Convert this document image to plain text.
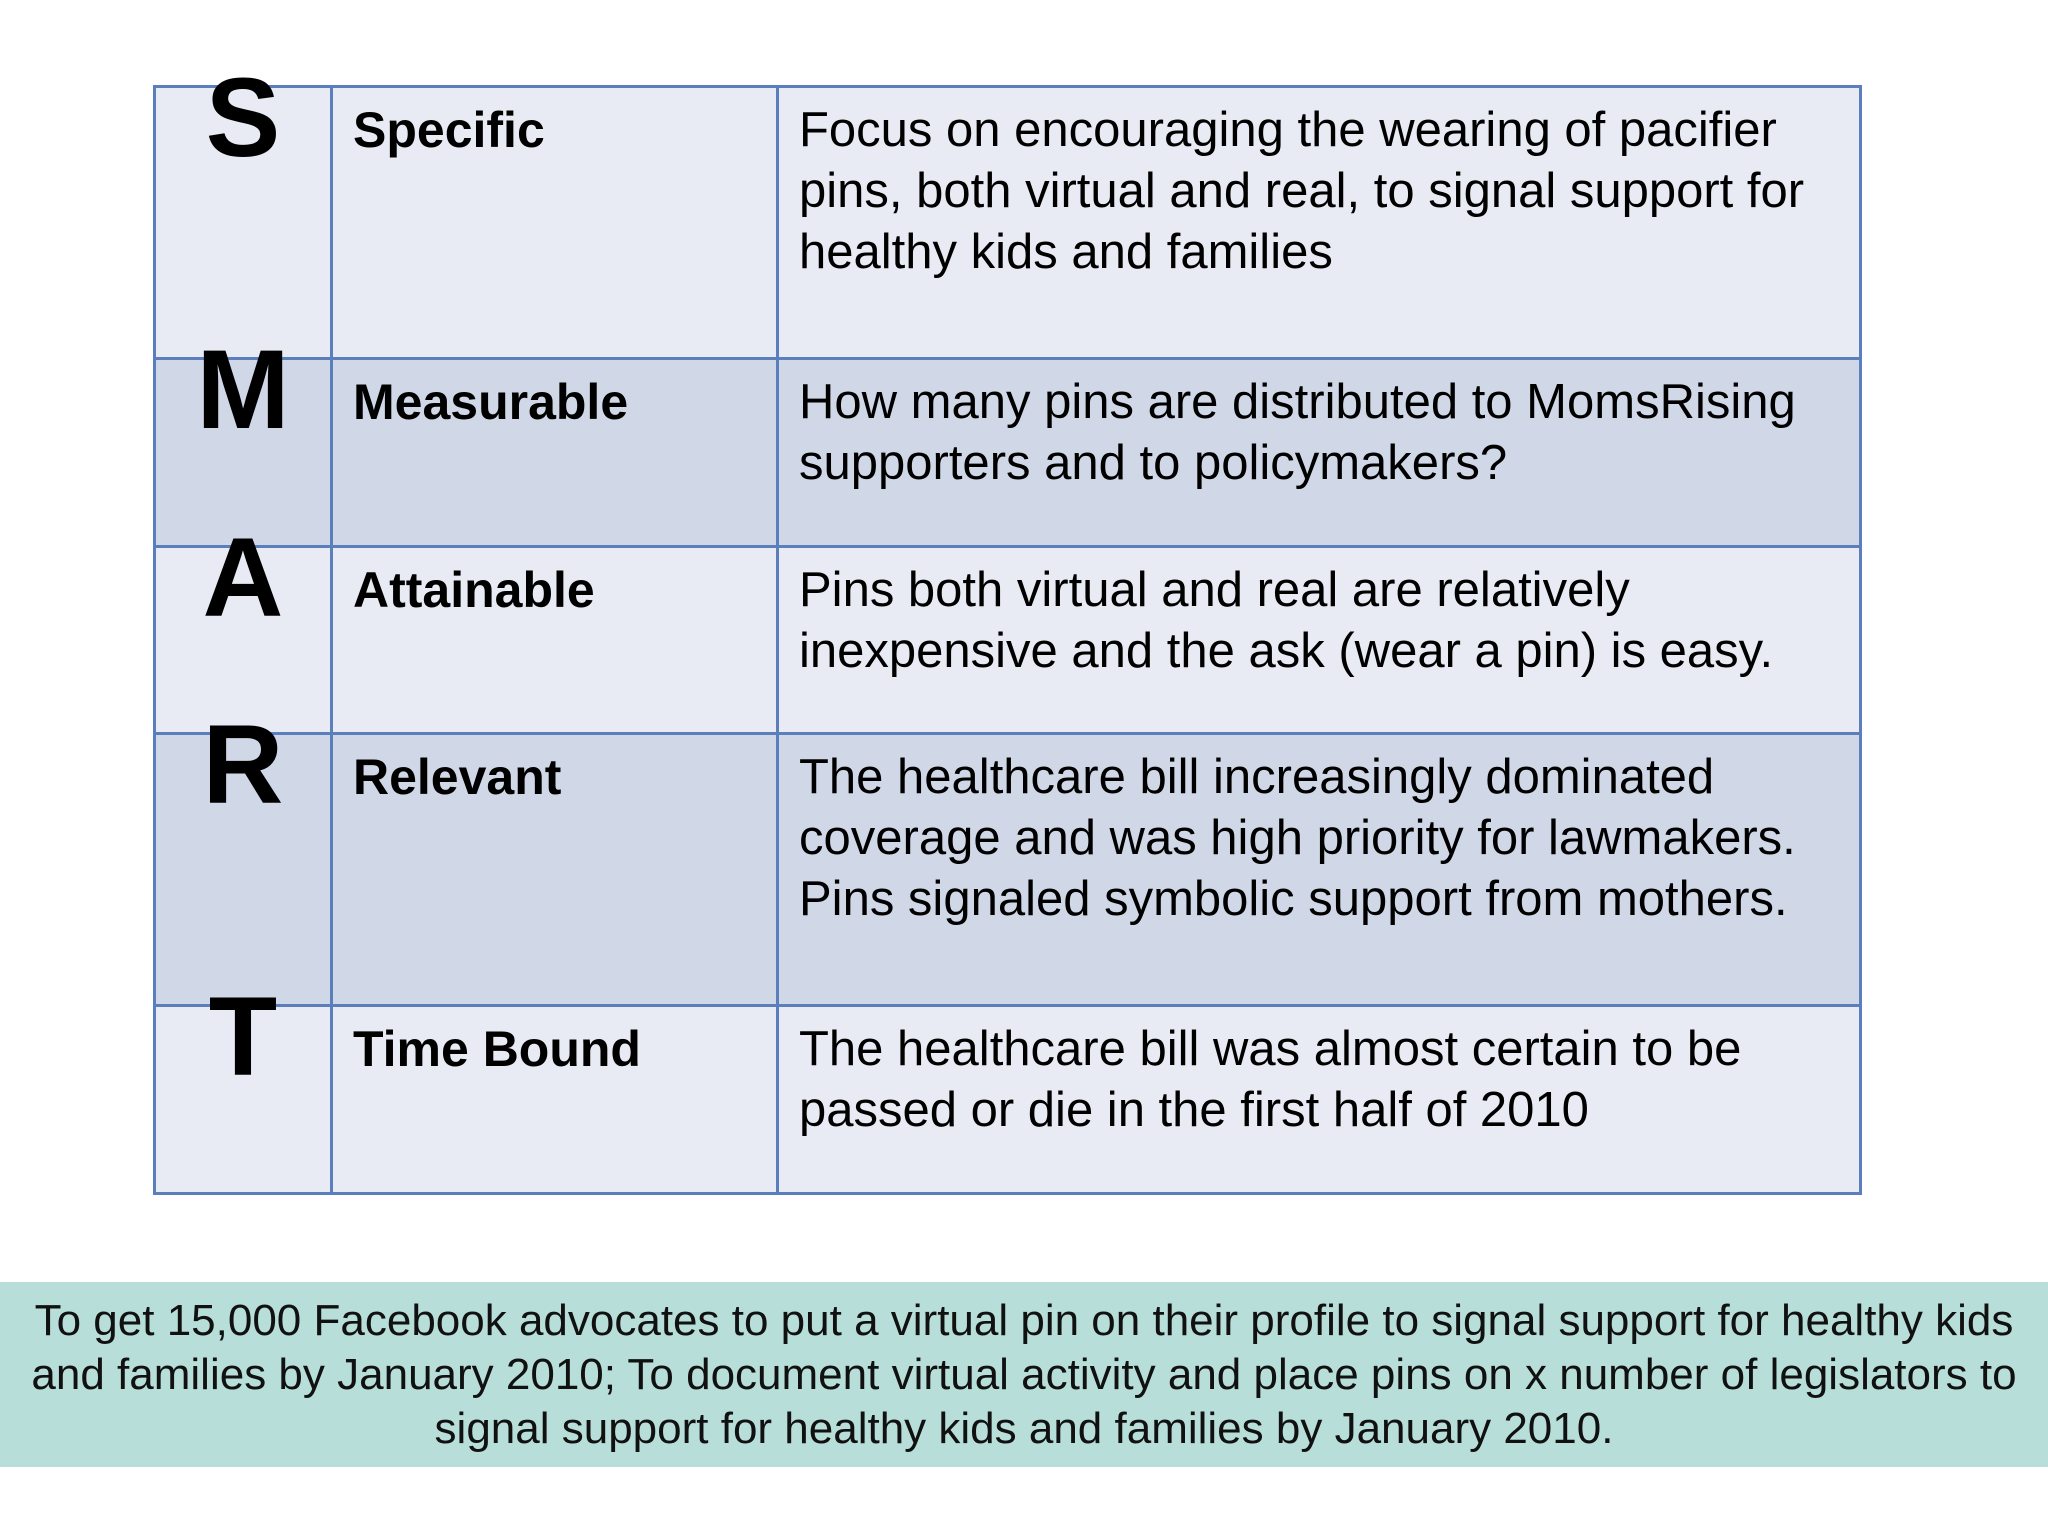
S	Specific	Focus on encouraging the wearing of pacifier pins, both virtual and real, to signal support for healthy kids and families

M	Measurable	How many pins are distributed to MomsRising supporters and to policymakers?

A	Attainable	Pins both virtual and real are relatively inexpensive and the ask (wear a pin) is easy.

R	Relevant	The healthcare bill increasingly dominated coverage and was high priority for lawmakers. Pins signaled symbolic support from mothers.

T	Time Bound	The healthcare bill was almost certain to be passed or die in the first half of 2010
To get 15,000 Facebook advocates to put a virtual pin on their profile to signal support for healthy kids and families by January 2010; To document virtual activity and place pins on x number of legislators to signal support for healthy kids and families by January 2010.
